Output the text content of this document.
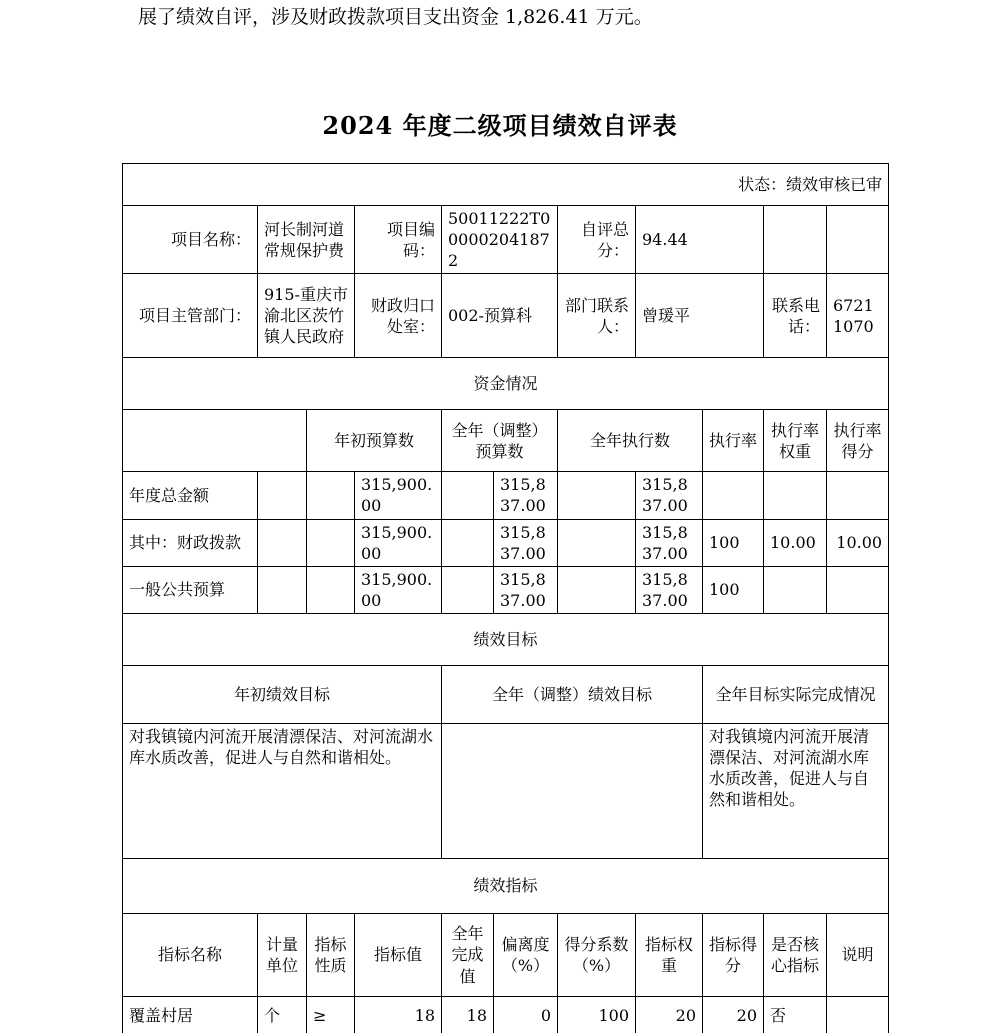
展了绩效自评，涉及财政拨款项目支出资金 1,826.41 万元。

2024 年度二级项目绩效自评表
状态：绩效审核已审										
项目名称：	河长制河道常规保护费		项目编码：	50011222T000002041872		自评总分：	94.44			
项目主管部门：	915-重庆市渝北区茨竹镇人民政府		财政归口处室：	002-预算科		部门联系人：	曾瑗平		联系电话：	67211070
资金情况										
		年初预算数		全年（调整）预算数		全年执行数		执行率	执行率权重	执行率得分
年度总金额			315,900.00		315,837.00		315,837.00			
其中：财政拨款			315,900.00		315,837.00		315,837.00	100	10.00	10.00
一般公共预算			315,900.00		315,837.00		315,837.00	100		
绩效目标										
年初绩效目标				全年（调整）绩效目标				全年目标实际完成情况		
对我镇镜内河流开展清漂保洁、对河流湖水库水质改善，促进人与自然和谐相处。								对我镇境内河流开展清漂保洁、对河流湖水库水质改善，促进人与自然和谐相处。		
绩效指标										
指标名称	计量单位	指标性质	指标值	全年完成值	偏离度（%）	得分系数（%）	指标权重	指标得分	是否核心指标	说明
覆盖村居	个	≥	18	18	0	100	20	20	否	
